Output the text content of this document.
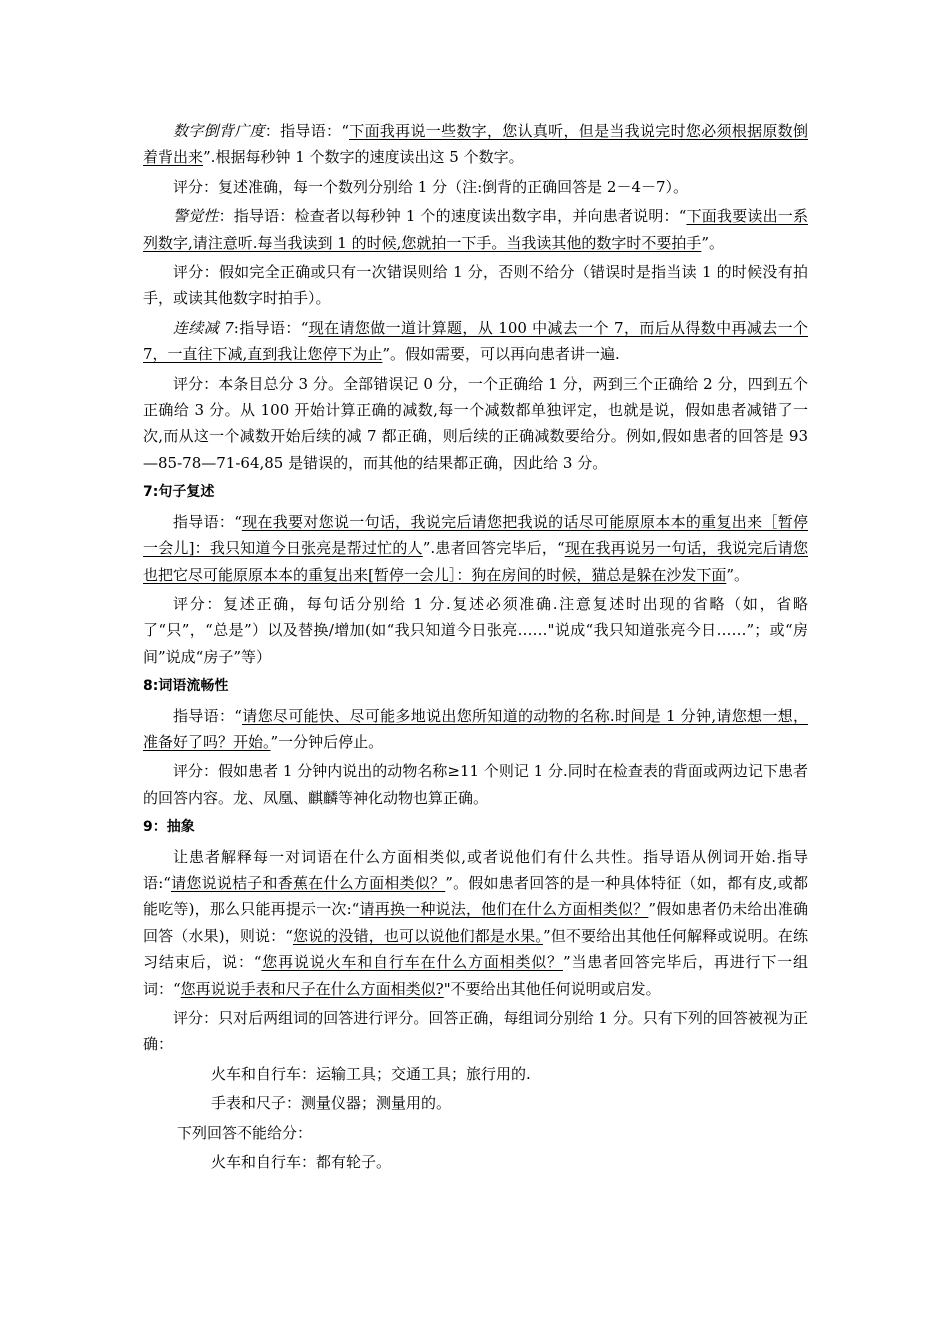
数字倒背广度：指导语：“下面我再说一些数字，您认真听，但是当我说完时您必须根据原数倒着背出来”.根据每秒钟 1 个数字的速度读出这 5 个数字。

评分：复述准确，每一个数列分别给 1 分（注:倒背的正确回答是 2－4－7）。

警觉性：指导语：检查者以每秒钟 1 个的速度读出数字串，并向患者说明：“下面我要读出一系列数字,请注意听.每当我读到 1 的时候,您就拍一下手。当我读其他的数字时不要拍手”。

评分：假如完全正确或只有一次错误则给 1 分，否则不给分（错误时是指当读 1 的时候没有拍手，或读其他数字时拍手）。

连续减 7:指导语：“现在请您做一道计算题，从 100 中减去一个 7，而后从得数中再减去一个 7，一直往下减,直到我让您停下为止”。假如需要，可以再向患者讲一遍.

评分：本条目总分 3 分。全部错误记 0 分，一个正确给 1 分，两到三个正确给 2 分，四到五个正确给 3 分。从 100 开始计算正确的减数,每一个减数都单独评定，也就是说，假如患者减错了一次,而从这一个减数开始后续的减 7 都正确，则后续的正确减数要给分。例如,假如患者的回答是 93—85-78—71-64,85 是错误的，而其他的结果都正确，因此给 3 分。

7:句子复述

指导语：“现在我要对您说一句话，我说完后请您把我说的话尽可能原原本本的重复出来［暂停一会儿]：我只知道今日张亮是帮过忙的人”.患者回答完毕后，“现在我再说另一句话，我说完后请您也把它尽可能原原本本的重复出来[暂停一会儿］：狗在房间的时候，猫总是躲在沙发下面”。

评分：复述正确，每句话分别给 1 分.复述必须准确.注意复述时出现的省略（如，省略了“只”，“总是”）以及替换/增加(如“我只知道今日张亮……"说成“我只知道张亮今日……”；或“房间”说成“房子”等）

8:词语流畅性

指导语：“请您尽可能快、尽可能多地说出您所知道的动物的名称.时间是 1 分钟,请您想一想，准备好了吗？开始。”一分钟后停止。

评分：假如患者 1 分钟内说出的动物名称≥11 个则记 1 分.同时在检查表的背面或两边记下患者的回答内容。龙、凤凰、麒麟等神化动物也算正确。

9：抽象

让患者解释每一对词语在什么方面相类似,或者说他们有什么共性。指导语从例词开始.指导语:“请您说说桔子和香蕉在什么方面相类似？”。假如患者回答的是一种具体特征（如，都有皮,或都能吃等)，那么只能再提示一次:“请再换一种说法，他们在什么方面相类似？”假如患者仍未给出准确回答（水果)，则说：“您说的没错，也可以说他们都是水果。”但不要给出其他任何解释或说明。在练习结束后，说：“您再说说火车和自行车在什么方面相类似？”当患者回答完毕后，再进行下一组词：“您再说说手表和尺子在什么方面相类似?"不要给出其他任何说明或启发。

评分：只对后两组词的回答进行评分。回答正确，每组词分别给 1 分。只有下列的回答被视为正确：

火车和自行车：运输工具；交通工具；旅行用的.

手表和尺子：测量仪器；测量用的。

下列回答不能给分：

火车和自行车：都有轮子。
